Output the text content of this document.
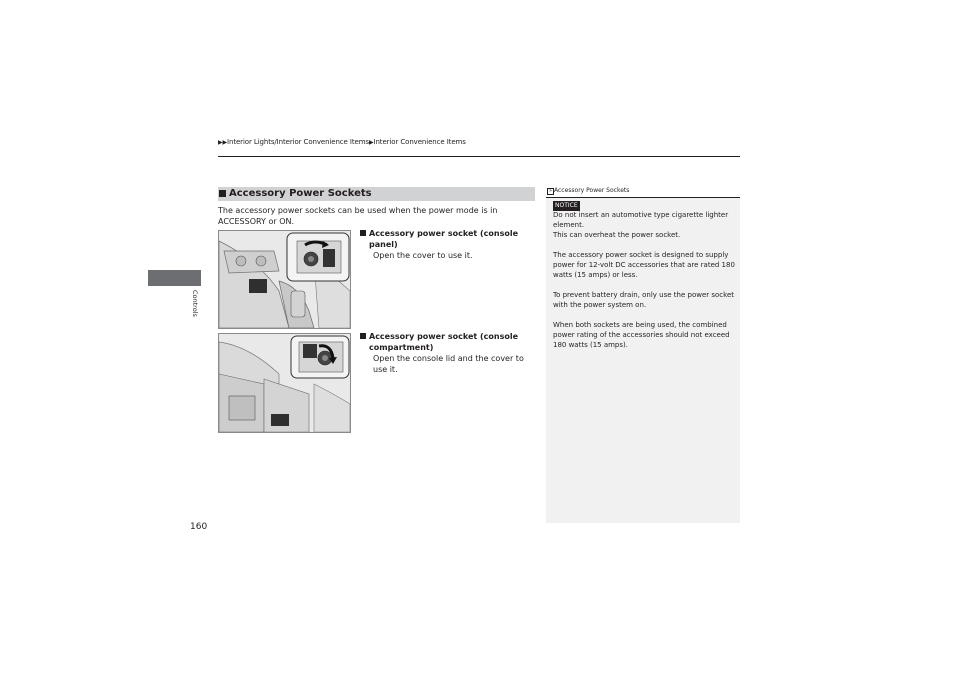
▶▶Interior Lights/Interior Convenience Items▶Interior Convenience Items
Controls
Accessory Power Sockets
The accessory power sockets can be used when the power mode is in ACCESSORY or ON.
Accessory power socket (console panel)
Open the cover to use it.
Accessory power socket (console compartment)
Open the console lid and the cover to use it.
» Accessory Power Sockets
NOTICE
Do not insert an automotive type cigarette lighter element.
This can overheat the power socket.
The accessory power socket is designed to supply power for 12-volt DC accessories that are rated 180 watts (15 amps) or less.
To prevent battery drain, only use the power socket with the power system on.
When both sockets are being used, the combined power rating of the accessories should not exceed 180 watts (15 amps).
160
